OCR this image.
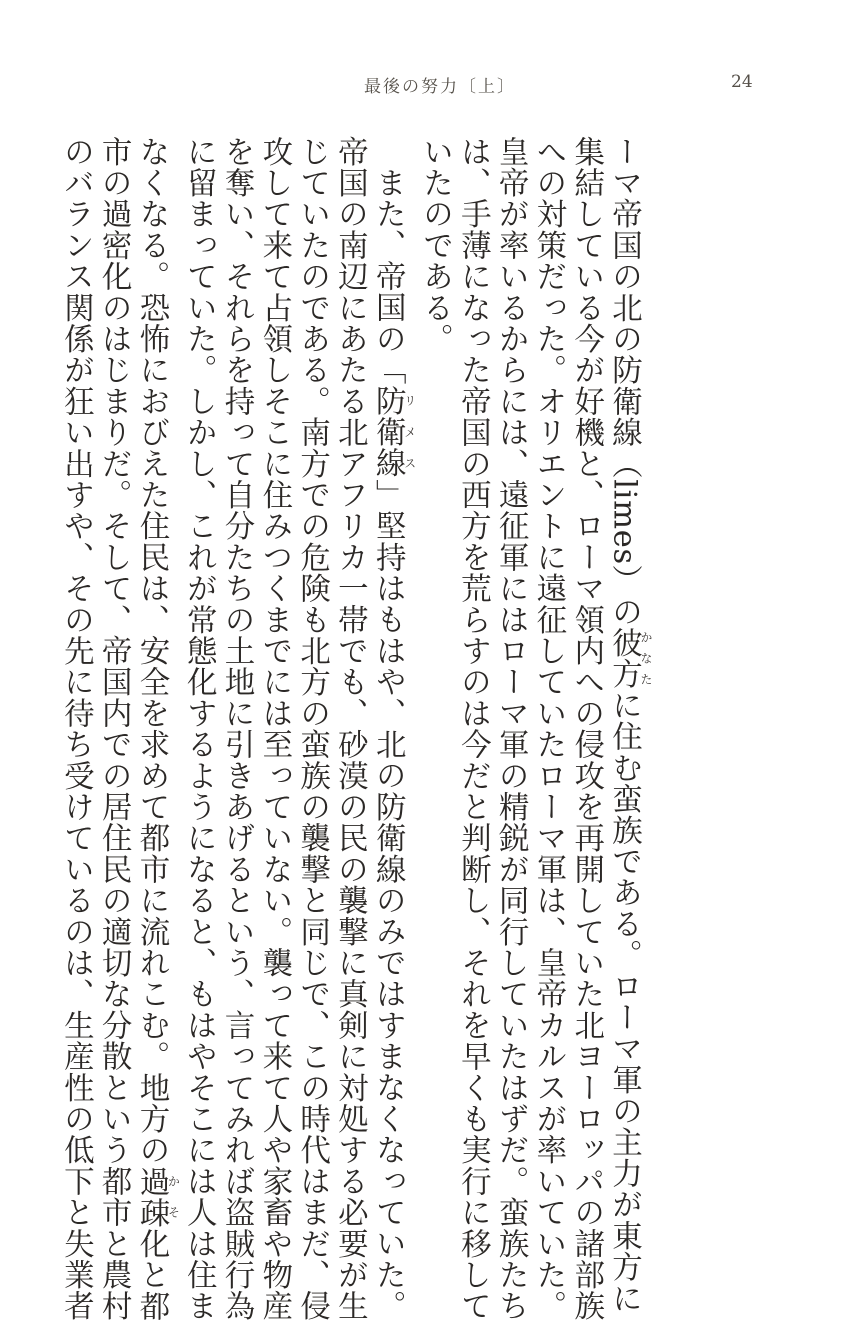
最後の努力〔上〕	24

ーマ帝国の北の防衛線（limes）の彼方かなたに住む蛮族である。ローマ軍の主力が東方に
集結している今が好機と、ローマ領内への侵攻を再開していた北ヨーロッパの諸部族
への対策だった。オリエントに遠征していたローマ軍は、皇帝カルスが率いていた。
皇帝が率いるからには、遠征軍にはローマ軍の精鋭が同行していたはずだ。蛮族たち
は、手薄になった帝国の西方を荒らすのは今だと判断し、それを早くも実行に移して
いたのである。

また、帝国の「防衛線リメス」堅持はもはや、北の防衛線のみではすまなくなっていた。

帝国の南辺にあたる北アフリカ一帯でも、砂漠の民の襲撃に真剣に対処する必要が生
じていたのである。南方での危険も北方の蛮族の襲撃と同じで、この時代はまだ、侵
攻して来て占領しそこに住みつくまでには至っていない。襲って来て人や家畜や物産
を奪い、それらを持って自分たちの土地に引きあげるという、言ってみれば盗賊行為
に留まっていた。しかし、これが常態化するようになると、もはやそこには人は住ま
なくなる。恐怖におびえた住民は、安全を求めて都市に流れこむ。地方の過疎かそ化と都
市の過密化のはじまりだ。そして、帝国内での居住民の適切な分散という都市と農村
のバランス関係が狂い出すや、その先に待ち受けているのは、生産性の低下と失業者
